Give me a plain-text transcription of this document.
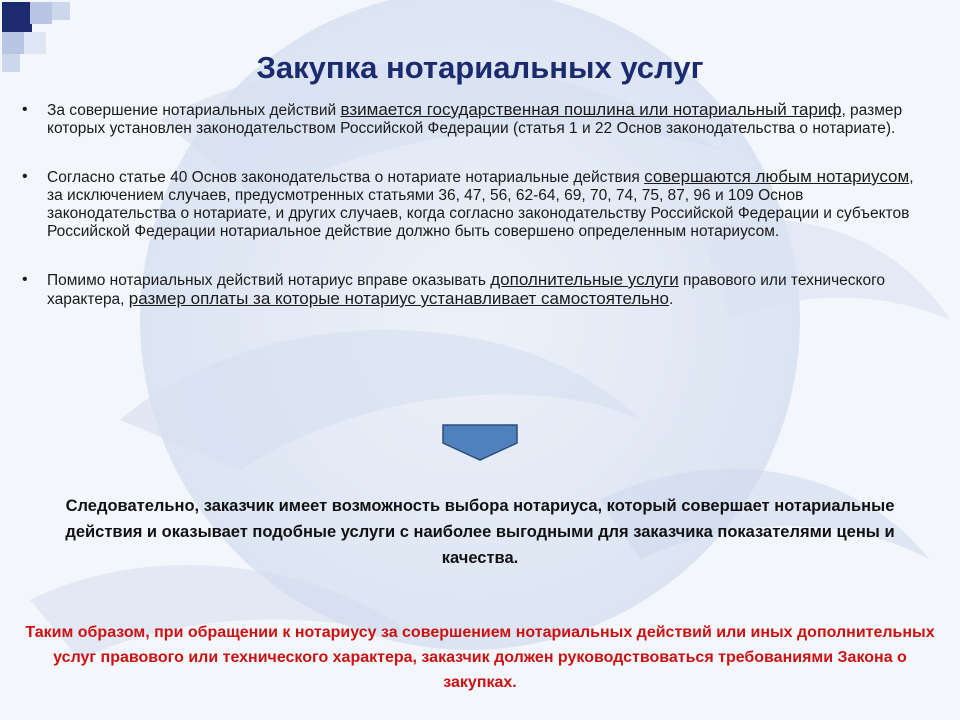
Закупка нотариальных услуг
• За совершение нотариальных действий взимается государственная пошлина или нотариальный тариф, размер которых установлен законодательством Российской Федерации (статья 1 и 22 Основ законодательства о нотариате).
• Согласно статье 40 Основ законодательства о нотариате нотариальные действия совершаются любым нотариусом, за исключением случаев, предусмотренных статьями 36, 47, 56, 62-64, 69, 70, 74, 75, 87, 96 и 109 Основ законодательства о нотариате, и других случаев, когда согласно законодательству Российской Федерации и субъектов Российской Федерации нотариальное действие должно быть совершено определенным нотариусом.
• Помимо нотариальных действий нотариус вправе оказывать дополнительные услуги правового или технического характера, размер оплаты за которые нотариус устанавливает самостоятельно.
Следовательно, заказчик имеет возможность выбора нотариуса, который совершает нотариальные действия и оказывает подобные услуги с наиболее выгодными для заказчика показателями цены и качества.
Таким образом, при обращении к нотариусу за совершением нотариальных действий или иных дополнительных услуг правового или технического характера, заказчик должен руководствоваться требованиями Закона о закупках.
